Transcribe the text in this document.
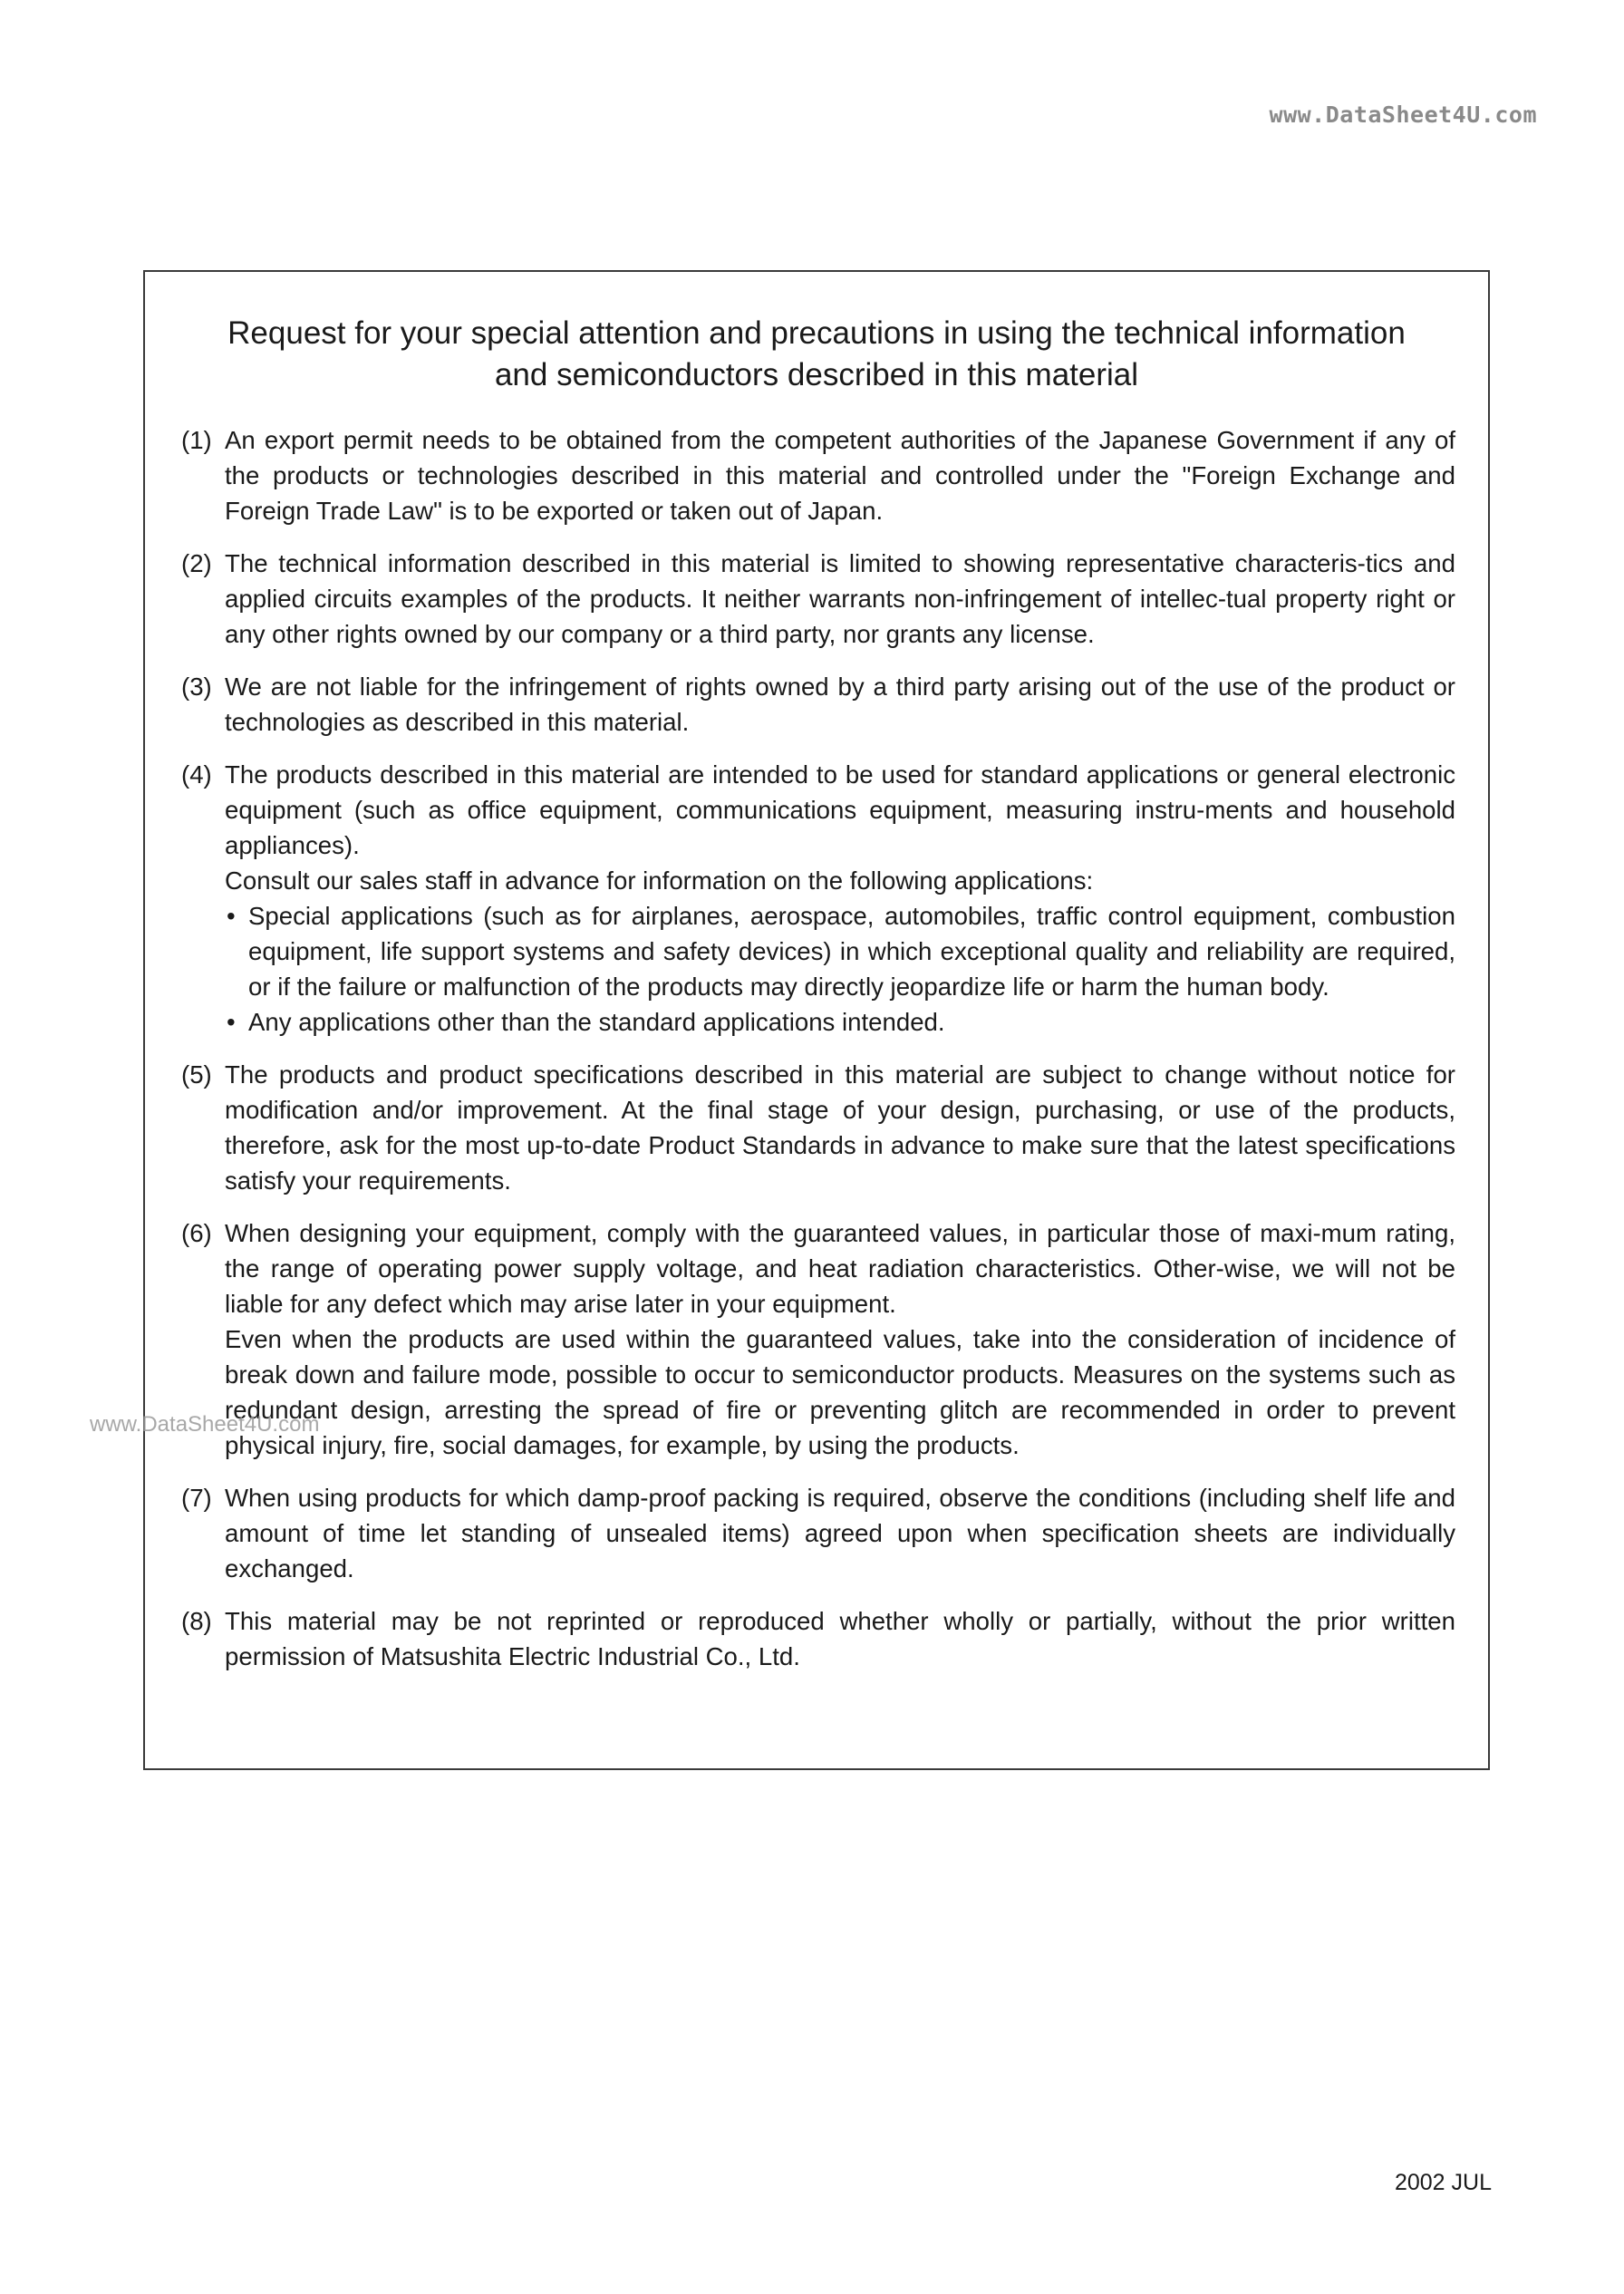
www.DataSheet4U.com
Request for your special attention and precautions in using the technical information
and semiconductors described in this material
(1) An export permit needs to be obtained from the competent authorities of the Japanese Government if any of the products or technologies described in this material and controlled under the "Foreign Exchange and Foreign Trade Law" is to be exported or taken out of Japan.
(2) The technical information described in this material is limited to showing representative characteris-tics and applied circuits examples of the products. It neither warrants non-infringement of intellec-tual property right or any other rights owned by our company or a third party, nor grants any license.
(3) We are not liable for the infringement of rights owned by a third party arising out of the use of the product or technologies as described in this material.
(4) The products described in this material are intended to be used for standard applications or general electronic equipment (such as office equipment, communications equipment, measuring instru-ments and household appliances).
Consult our sales staff in advance for information on the following applications:
• Special applications (such as for airplanes, aerospace, automobiles, traffic control equipment, combustion equipment, life support systems and safety devices) in which exceptional quality and reliability are required, or if the failure or malfunction of the products may directly jeopardize life or harm the human body.
• Any applications other than the standard applications intended.
(5) The products and product specifications described in this material are subject to change without notice for modification and/or improvement. At the final stage of your design, purchasing, or use of the products, therefore, ask for the most up-to-date Product Standards in advance to make sure that the latest specifications satisfy your requirements.
(6) When designing your equipment, comply with the guaranteed values, in particular those of maxi-mum rating, the range of operating power supply voltage, and heat radiation characteristics. Other-wise, we will not be liable for any defect which may arise later in your equipment.
Even when the products are used within the guaranteed values, take into the consideration of incidence of break down and failure mode, possible to occur to semiconductor products. Measures on the systems such as redundant design, arresting the spread of fire or preventing glitch are recommended in order to prevent physical injury, fire, social damages, for example, by using the products.
(7) When using products for which damp-proof packing is required, observe the conditions (including shelf life and amount of time let standing of unsealed items) agreed upon when specification sheets are individually exchanged.
(8) This material may be not reprinted or reproduced whether wholly or partially, without the prior written permission of Matsushita Electric Industrial Co., Ltd.
www.DataSheet4U.com
2002 JUL
